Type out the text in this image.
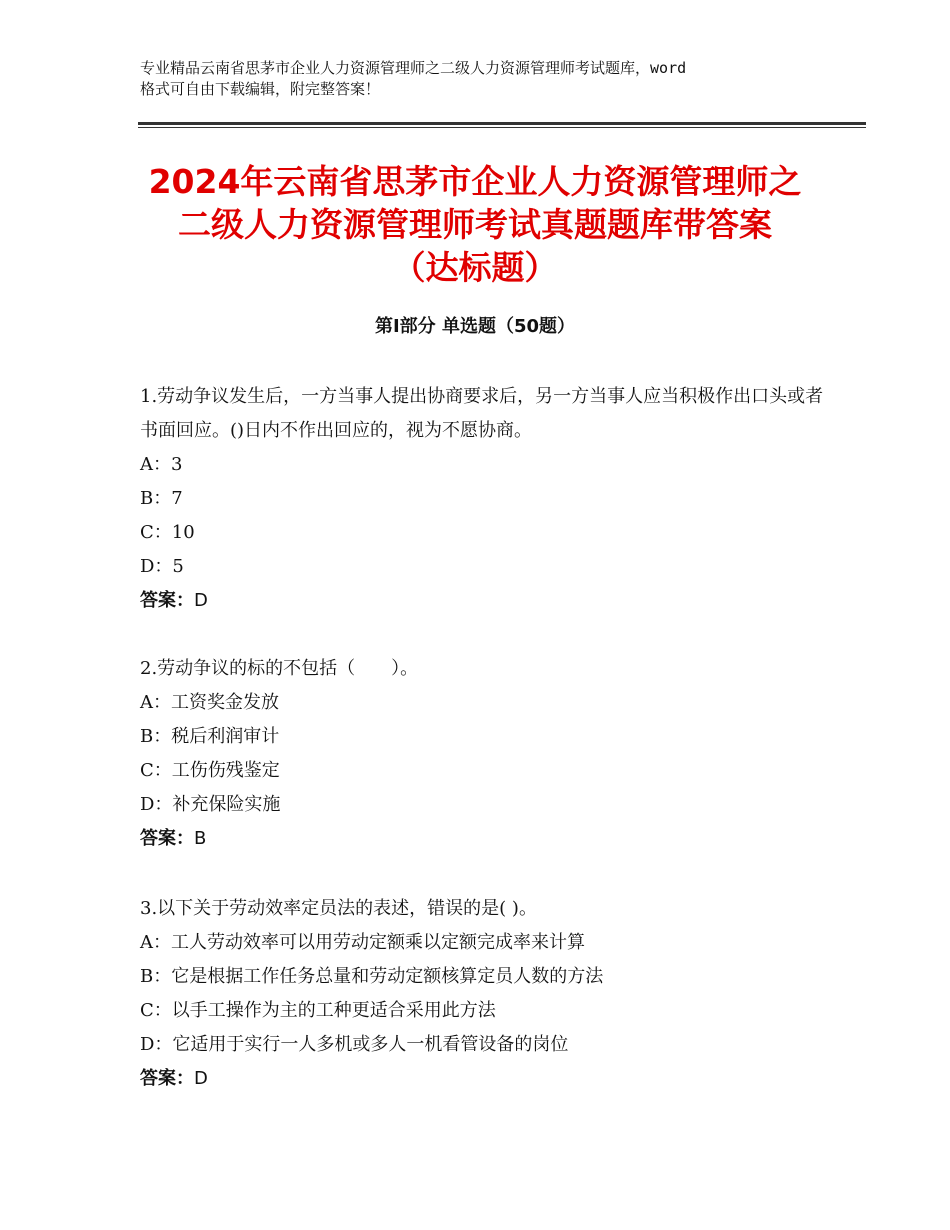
专业精品云南省思茅市企业人力资源管理师之二级人力资源管理师考试题库，word
格式可自由下载编辑，附完整答案！
2024年云南省思茅市企业人力资源管理师之
二级人力资源管理师考试真题题库带答案
（达标题）
第Ⅰ部分 单选题（50题）
1.劳动争议发生后，一方当事人提出协商要求后，另一方当事人应当积极作出口头或者书面回应。()日内不作出回应的，视为不愿协商。
A：3
B：7
C：10
D：5
答案：D
2.劳动争议的标的不包括（　　）。
A：工资奖金发放
B：税后利润审计
C：工伤伤残鉴定
D：补充保险实施
答案：B
3.以下关于劳动效率定员法的表述，错误的是( )。
A：工人劳动效率可以用劳动定额乘以定额完成率来计算
B：它是根据工作任务总量和劳动定额核算定员人数的方法
C：以手工操作为主的工种更适合采用此方法
D：它适用于实行一人多机或多人一机看管设备的岗位
答案：D
